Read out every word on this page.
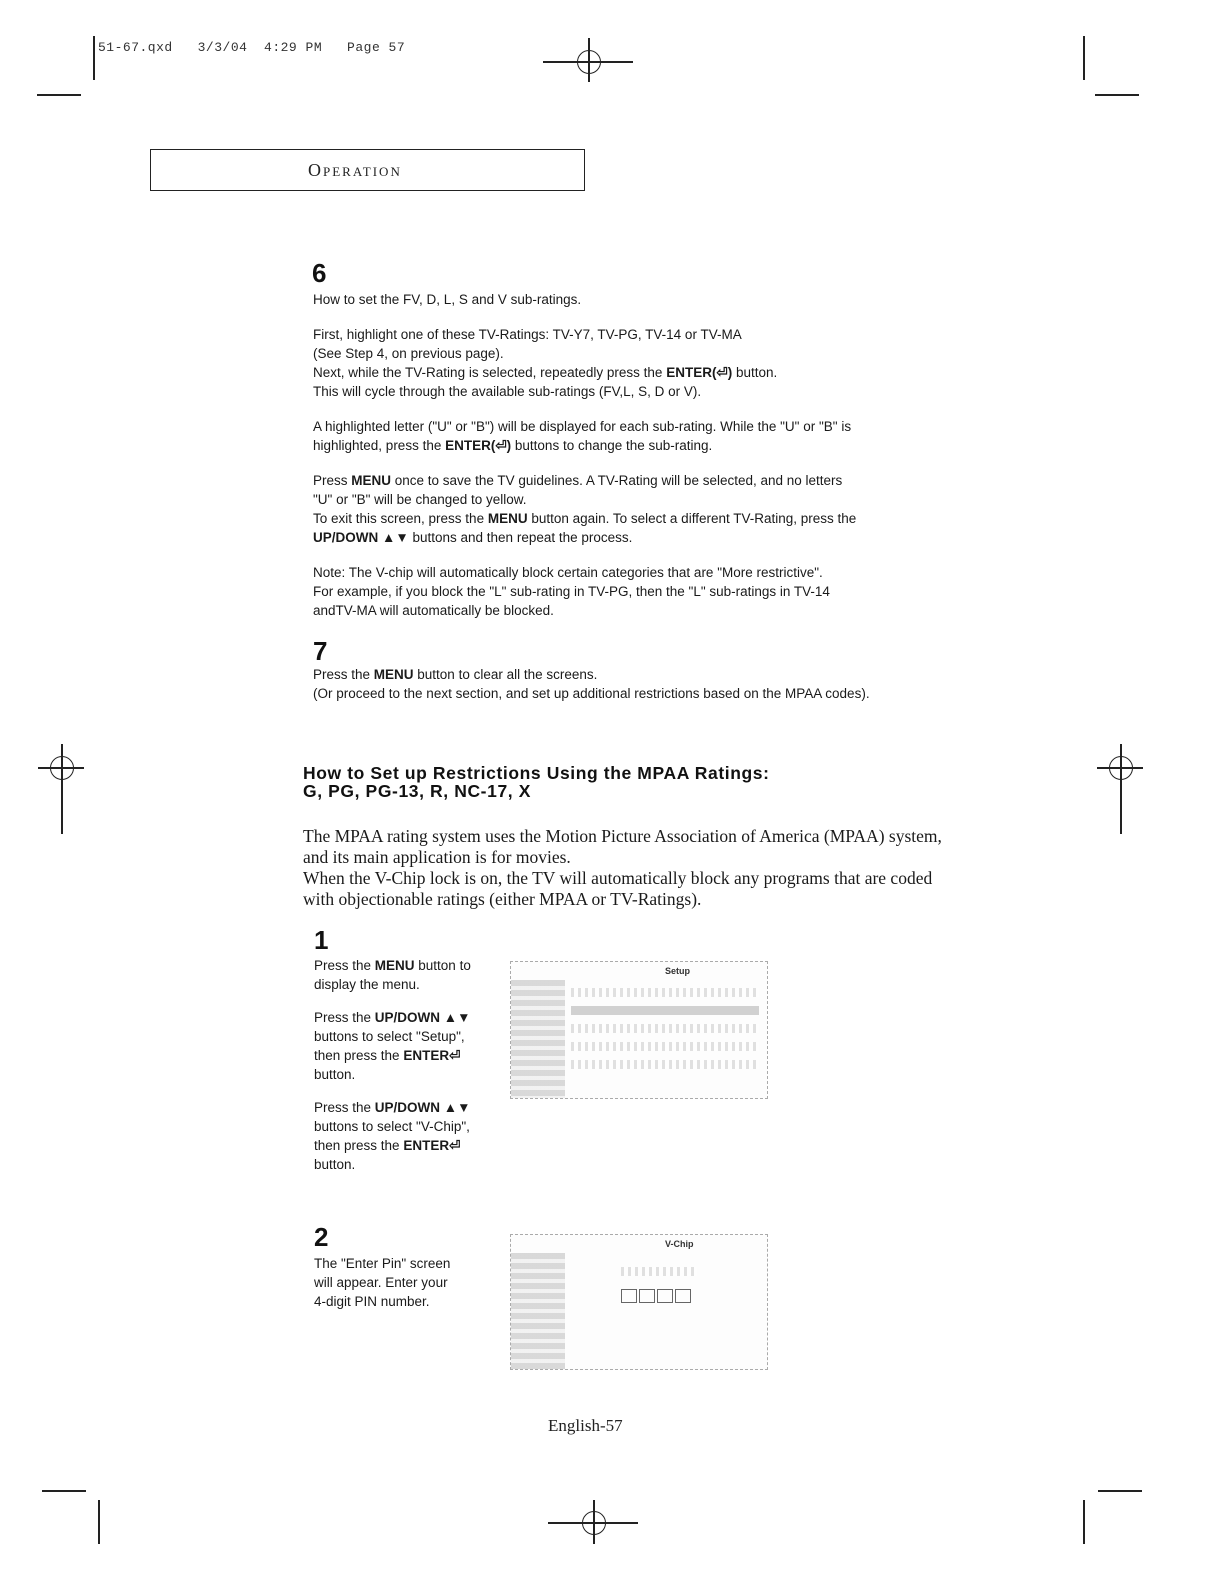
51-67.qxd   3/3/04  4:29 PM   Page 57
Operation
6

How to set the FV, D, L, S and V sub-ratings.

First, highlight one of these TV-Ratings: TV-Y7, TV-PG, TV-14 or TV-MA

(See Step 4, on previous page).

Next, while the TV-Rating is selected, repeatedly press the ENTER(⏎) button.

This will cycle through the available sub-ratings (FV,L, S, D or V).

A highlighted letter ("U" or "B") will be displayed for each sub-rating. While the "U" or "B" is

highlighted, press the ENTER(⏎) buttons to change the sub-rating.

Press MENU once to save the TV guidelines. A TV-Rating will be selected, and no letters

"U" or "B" will be changed to yellow.

To exit this screen, press the MENU button again. To select a different TV-Rating, press the

UP/DOWN ▲▼ buttons and then repeat the process.

Note: The V-chip will automatically block certain categories that are "More restrictive".

For example, if you block the "L" sub-rating in TV-PG, then the "L" sub-ratings in TV-14

andTV-MA will automatically be blocked.

7

Press the MENU button to clear all the screens.

(Or proceed to the next section, and set up additional restrictions based on the MPAA codes).

How to Set up Restrictions Using the MPAA Ratings:
G, PG, PG-13, R, NC-17, X

The MPAA rating system uses the Motion Picture Association of America (MPAA) system,

and its main application is for movies.

When the V-Chip lock is on, the TV will automatically block any programs that are coded

with objectionable ratings (either MPAA or TV-Ratings).

1

Press the MENU button to
display the menu.

Press the UP/DOWN ▲▼
buttons to select "Setup",
then press the ENTER⏎
button.

Press the UP/DOWN ▲▼
buttons to select "V-Chip",
then press the ENTER⏎
button.

Setup
2

The "Enter Pin" screen
will appear. Enter your
4-digit PIN number.

V-Chip
English-57
